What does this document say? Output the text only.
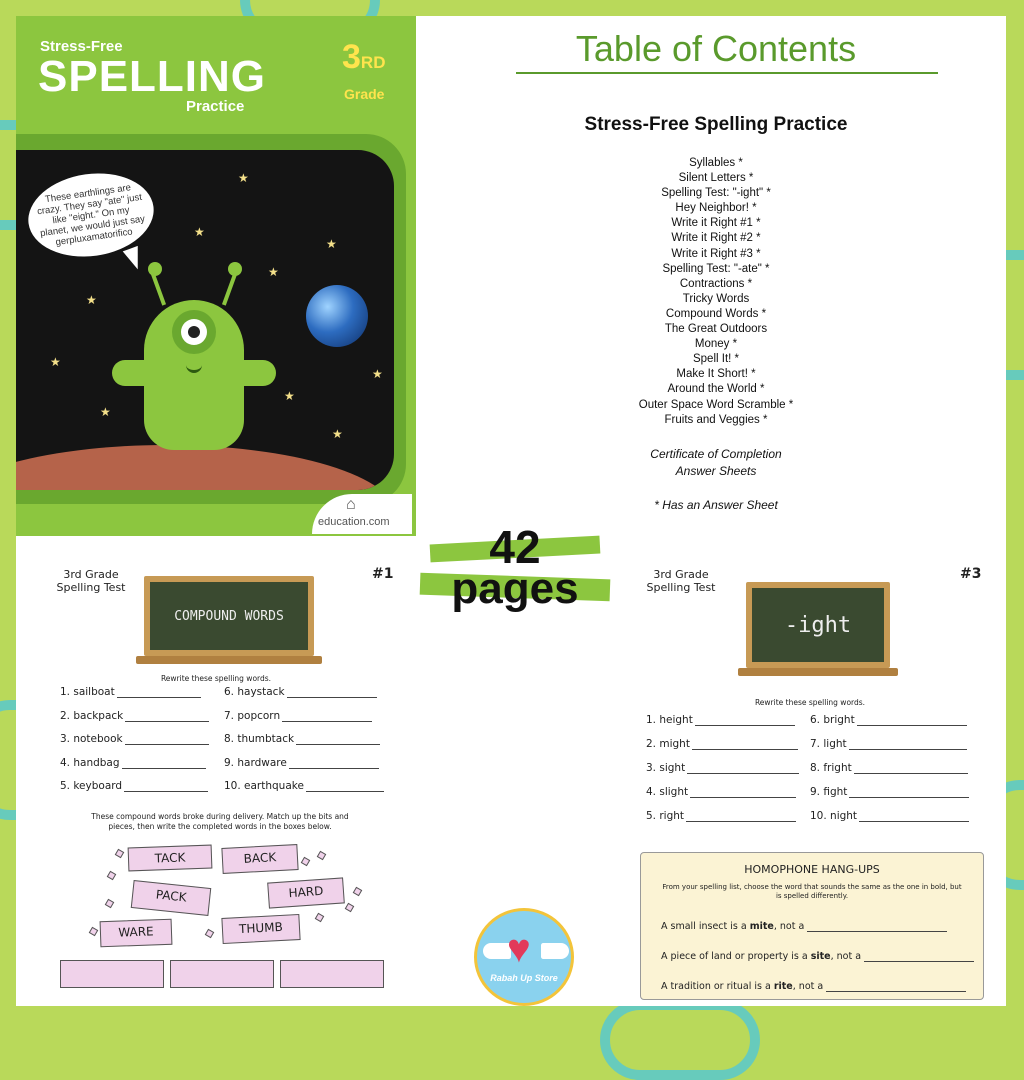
Stress-Free
SPELLING
Practice
3RD
Grade
★
★
★
★
★
★
★
★
★
★
These earthlings are crazy. They say "ate" just like "eight." On my planet, we would just say gerpluxamatorifico
⌂
education.com
Table of Contents
Stress-Free Spelling Practice
Syllables *
Silent Letters *
Spelling Test: "-ight" *
Hey Neighbor! *
Write it Right #1 *
Write it Right #2 *
Write it Right #3 *
Spelling Test: "-ate" *
Contractions *
Tricky Words
Compound Words *
The Great Outdoors
Money *
Spell It! *
Make It Short! *
Around the World *
Outer Space Word Scramble *
Fruits and Veggies *
Certificate of Completion
Answer Sheets
* Has an Answer Sheet
42
pages
3rd Grade
Spelling Test
#1
COMPOUND WORDS
Rewrite these spelling words.
1. sailboat
2. backpack
3. notebook
4. handbag
5. keyboard
6. haystack
7. popcorn
8. thumbtack
9. hardware
10. earthquake
These compound words broke during delivery. Match up the bits and pieces, then write the completed words in the boxes below.
TACK	BACK
PACK	HARD
WARE	THUMB
3rd Grade
Spelling Test
#3
-ight
Rewrite these spelling words.
1. height
2. might
3. sight
4. slight
5. right
6. bright
7. light
8. fright
9. fight
10. night
HOMOPHONE HANG-UPS
From your spelling list, choose the word that sounds the same as the one in bold, but is spelled differently.
A small insect is a mite, not a
A piece of land or property is a site, not a
A tradition or ritual is a rite, not a
♥
Rabah Up Store
